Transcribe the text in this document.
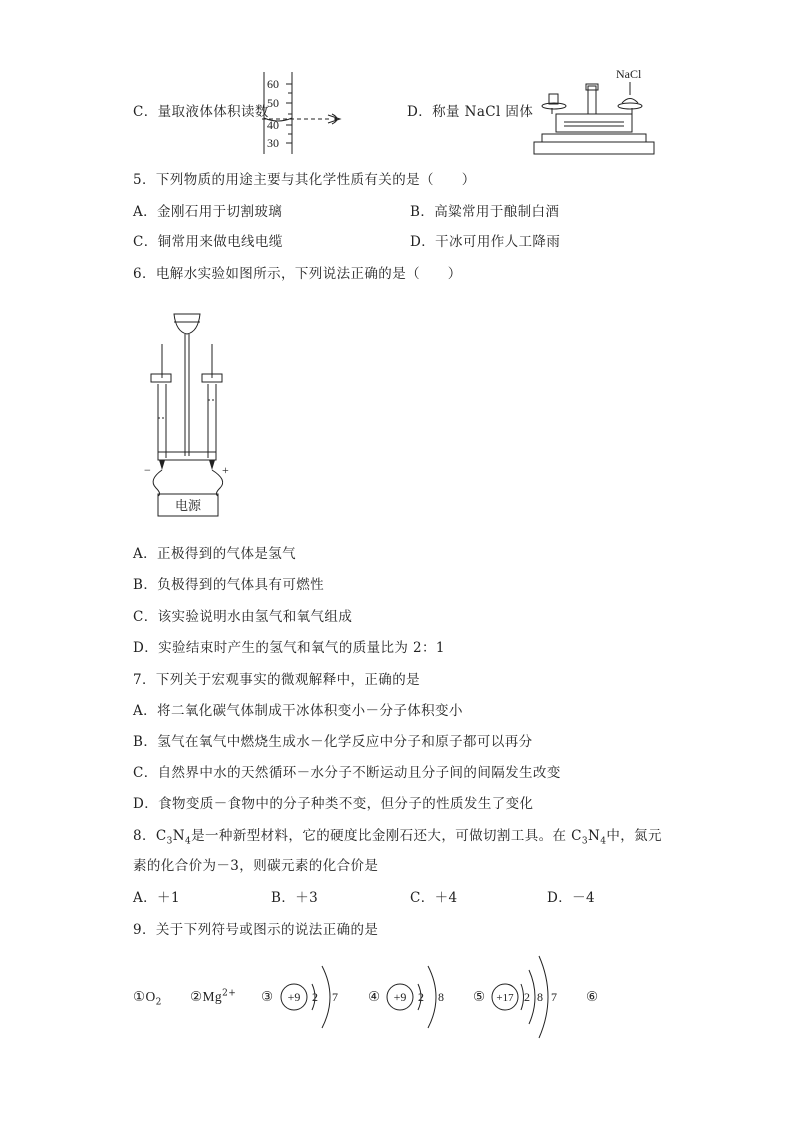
C．量取液体体积读数
60
50
40
30
D．称量 NaCl 固体
NaCl
5．下列物质的用途主要与其化学性质有关的是（　　）
A．金刚石用于切割玻璃	B．高粱常用于酿制白酒
C．铜常用来做电线电缆	D．干冰可用作人工降雨
6．电解水实验如图所示，下列说法正确的是（　　）
−	+
电源
A．正极得到的气体是氢气
B．负极得到的气体具有可燃性
C．该实验说明水由氢气和氧气组成
D．实验结束时产生的氢气和氧气的质量比为 2：1
7．下列关于宏观事实的微观解释中，正确的是
A．将二氧化碳气体制成干冰体积变小－分子体积变小
B．氢气在氧气中燃烧生成水－化学反应中分子和原子都可以再分
C．自然界中水的天然循环－水分子不断运动且分子间的间隔发生改变
D．食物变质－食物中的分子种类不变，但分子的性质发生了变化
8．$C_3N_4$是一种新型材料，它的硬度比金刚石还大，可做切割工具。在 $C_3N_4$中，氮元
素的化合价为－3，则碳元素的化合价是
A．＋1	B．＋3	C．＋4	D．－4
9．关于下列符号或图示的说法正确的是
$①O_2$ $②Mg^{2+}$ ③	④	⑤	⑥
+9 2 7	+9 2 8	+17 2 8 7
